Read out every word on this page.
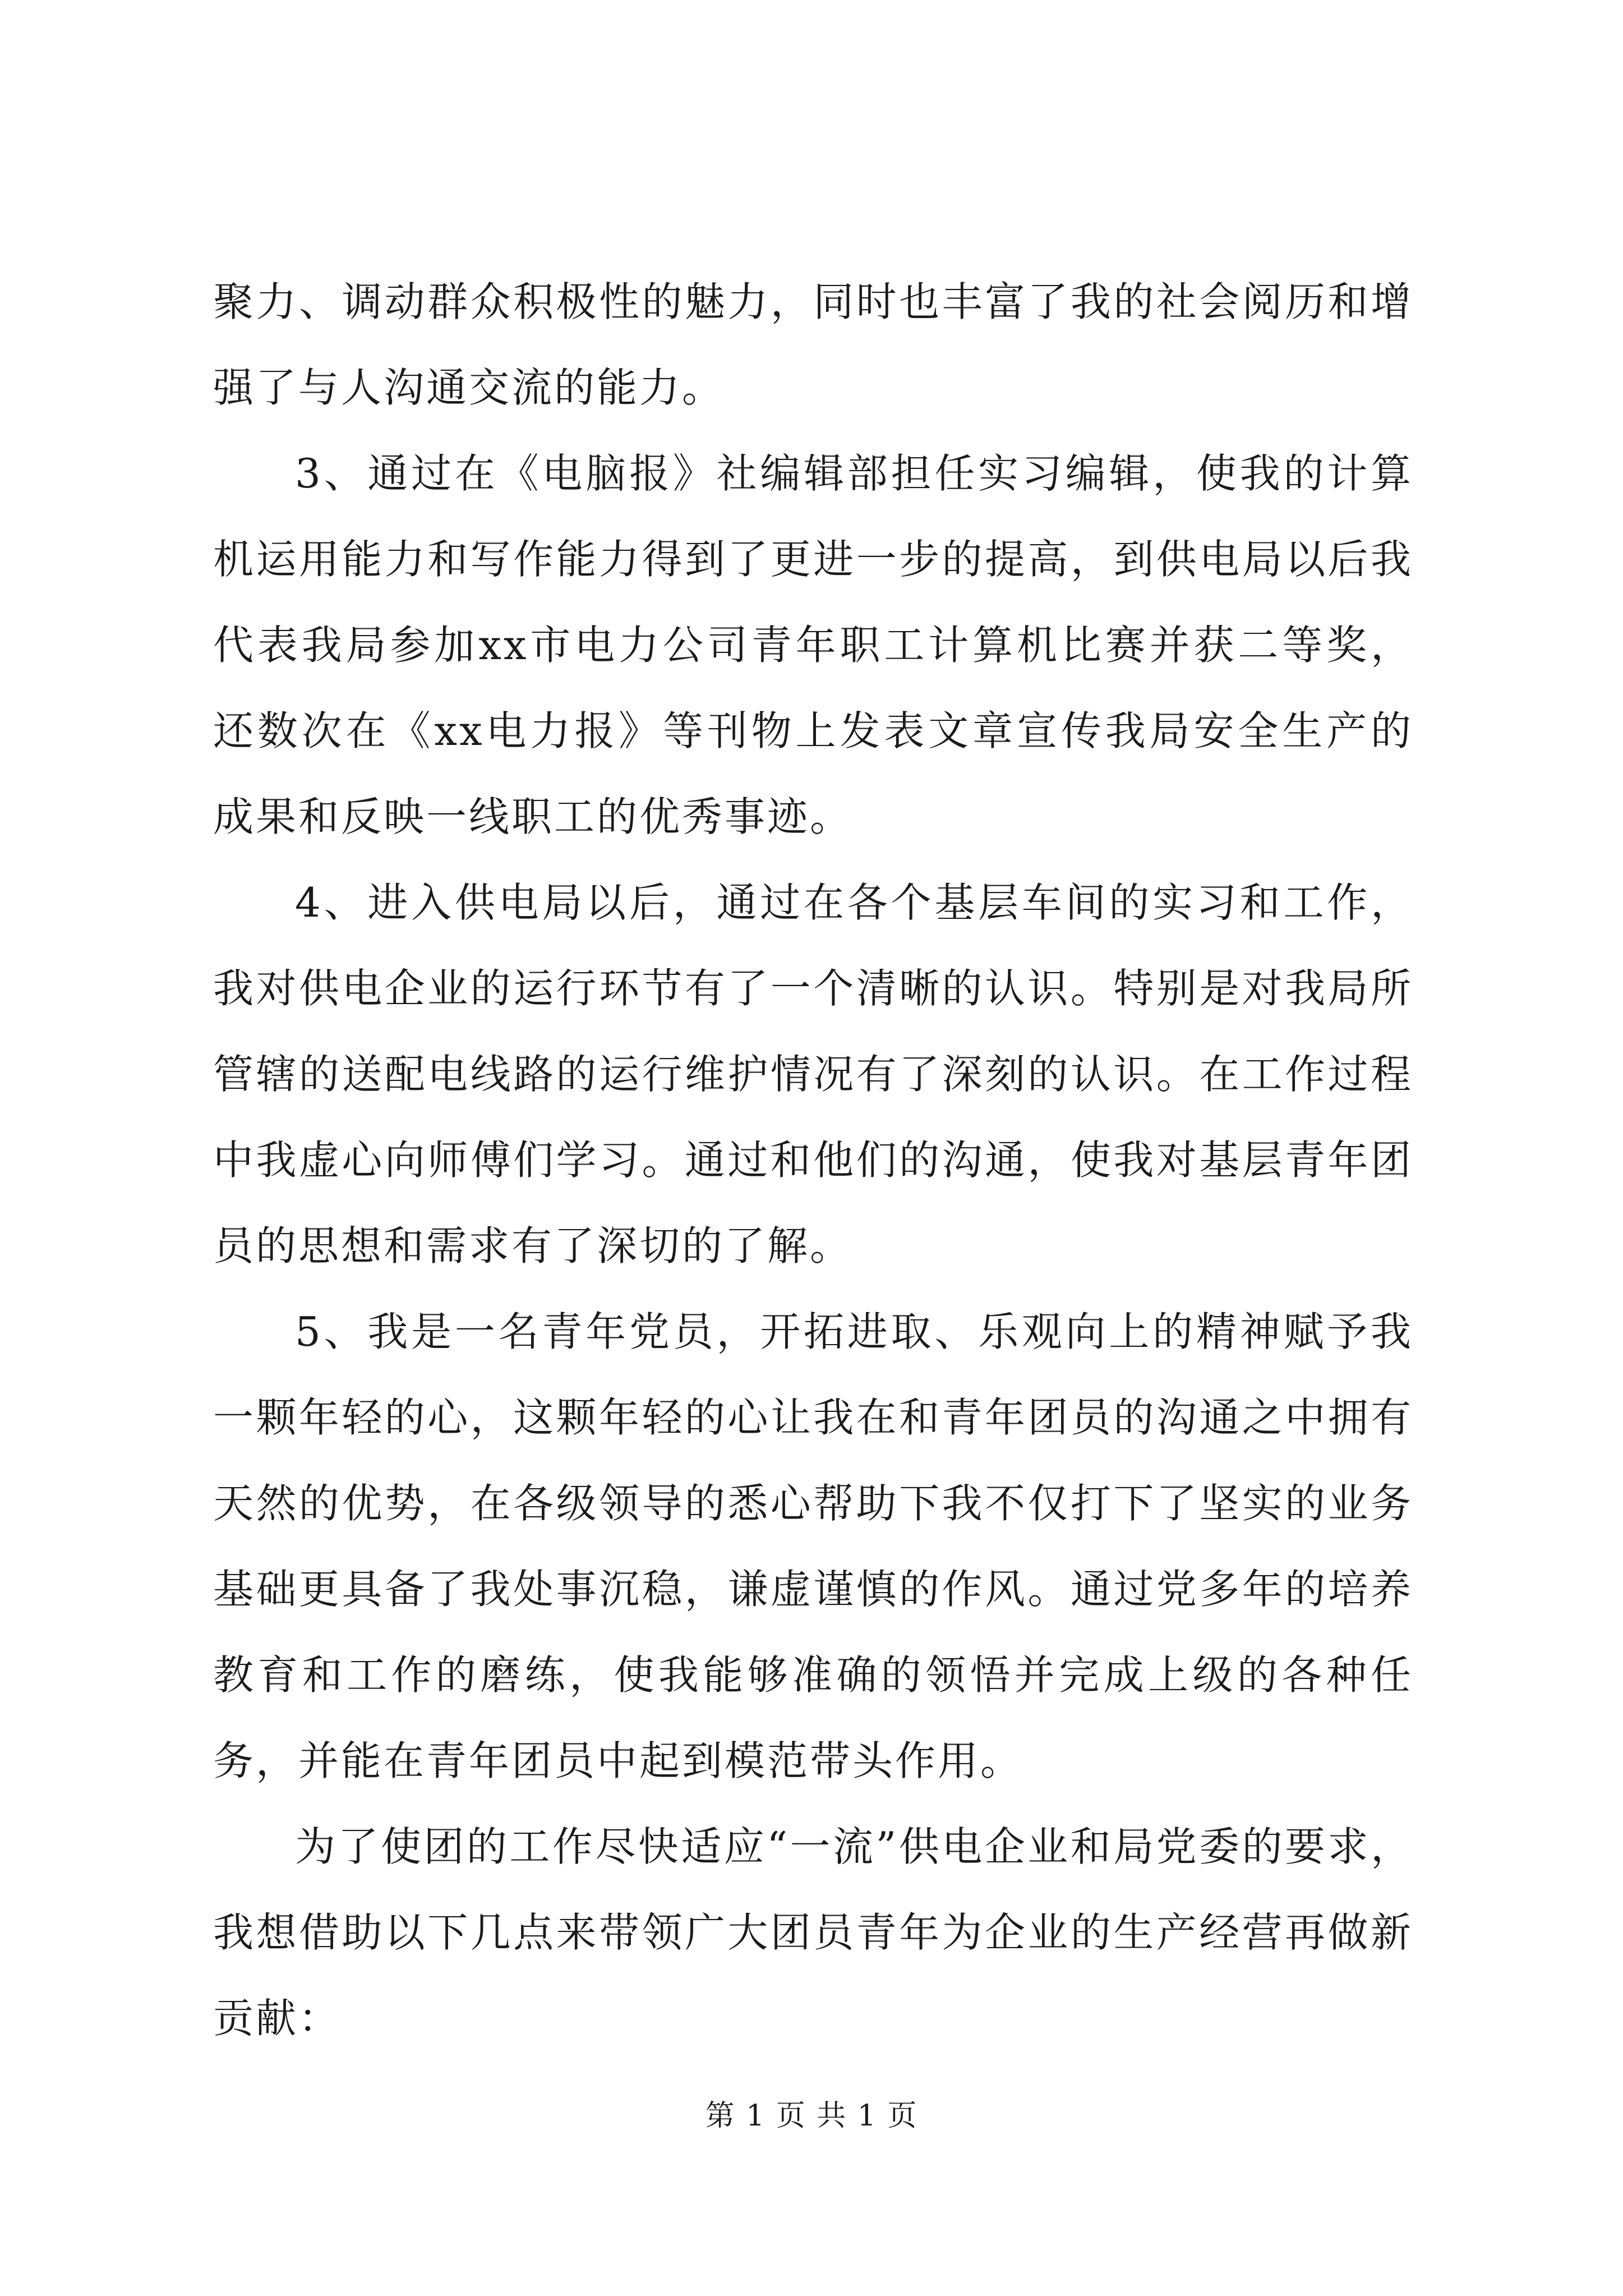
聚力、调动群众积极性的魅力，同时也丰富了我的社会阅历和增强了与人沟通交流的能力。

3、通过在《电脑报》社编辑部担任实习编辑，使我的计算机运用能力和写作能力得到了更进一步的提高，到供电局以后我代表我局参加xx市电力公司青年职工计算机比赛并获二等奖，还数次在《xx电力报》等刊物上发表文章宣传我局安全生产的成果和反映一线职工的优秀事迹。

4、进入供电局以后，通过在各个基层车间的实习和工作，我对供电企业的运行环节有了一个清晰的认识。特别是对我局所管辖的送配电线路的运行维护情况有了深刻的认识。在工作过程中我虚心向师傅们学习。通过和他们的沟通，使我对基层青年团员的思想和需求有了深切的了解。

5、我是一名青年党员，开拓进取、乐观向上的精神赋予我一颗年轻的心，这颗年轻的心让我在和青年团员的沟通之中拥有天然的优势，在各级领导的悉心帮助下我不仅打下了坚实的业务基础更具备了我处事沉稳，谦虚谨慎的作风。通过党多年的培养教育和工作的磨练，使我能够准确的领悟并完成上级的各种任务，并能在青年团员中起到模范带头作用。

为了使团的工作尽快适应“一流”供电企业和局党委的要求，我想借助以下几点来带领广大团员青年为企业的生产经营再做新贡献：

第 1 页 共 1 页
